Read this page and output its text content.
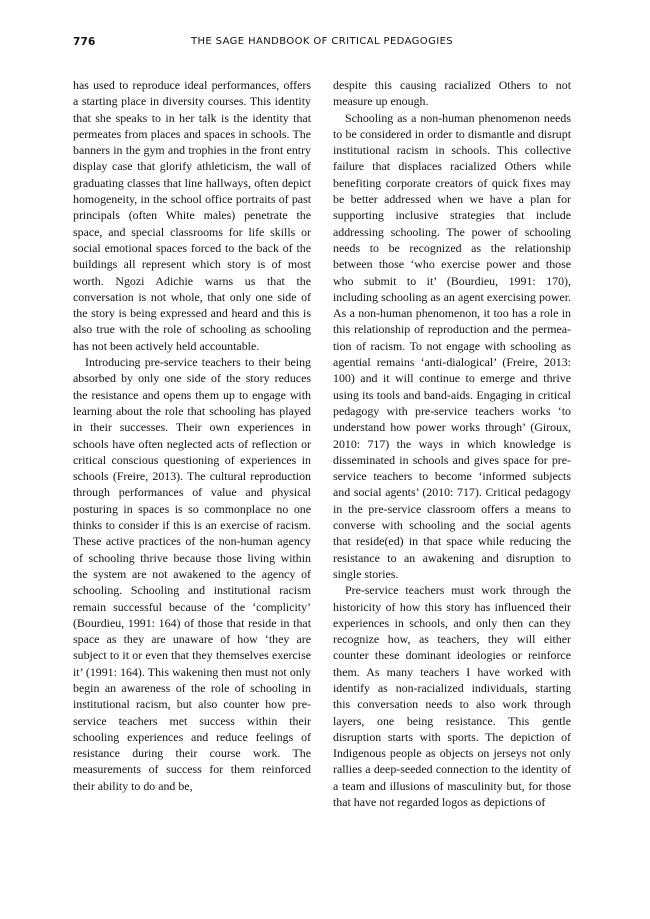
776	THE SAGE HANDBOOK OF CRITICAL PEDAGOGIES

has used to reproduce ideal performances, offers a starting place in diversity courses. This identity that she speaks to in her talk is the identity that permeates from places and spaces in schools. The banners in the gym and trophies in the front entry display case that glorify athleticism, the wall of graduating classes that line hallways, often depict homogeneity, in the school office portraits of past principals (often White males) penetrate the space, and special classrooms for life skills or social emotional spaces forced to the back of the buildings all represent which story is of most worth. Ngozi Adichie warns us that the conversation is not whole, that only one side of the story is being expressed and heard and this is also true with the role of schooling as schooling has not been actively held accountable.

Introducing pre-service teachers to their being absorbed by only one side of the story reduces the resistance and opens them up to engage with learning about the role that schooling has played in their successes. Their own experiences in schools have often neglected acts of reflection or critical conscious questioning of experiences in schools (Freire, 2013). The cultural reproduction through performances of value and physical posturing in spaces is so commonplace no one thinks to consider if this is an exercise of racism. These active practices of the non-human agency of schooling thrive because those living within the system are not awakened to the agency of schooling. Schooling and institutional racism remain successful because of the ‘complicity’ (Bourdieu, 1991: 164) of those that reside in that space as they are unaware of how ‘they are subject to it or even that they themselves exercise it’ (1991: 164). This wakening then must not only begin an awareness of the role of schooling in institutional racism, but also counter how pre-service teachers met success within their schooling experiences and reduce feelings of resistance during their course work. The measurements of success for them reinforced their ability to do and be,

despite this causing racialized Others to not measure up enough.

Schooling as a non-human phenomenon needs to be considered in order to dismantle and disrupt institutional racism in schools. This collective failure that displaces racialized Others while benefiting corporate creators of quick fixes may be better addressed when we have a plan for supporting inclusive strategies that include addressing schooling. The power of schooling needs to be recognized as the relationship between those ‘who exercise power and those who submit to it’ (Bourdieu, 1991: 170), including schooling as an agent exercising power. As a non-human phenomenon, it too has a role in this relationship of reproduction and the permeation of racism. To not engage with schooling as agential remains ‘anti-dialogical’ (Freire, 2013: 100) and it will continue to emerge and thrive using its tools and band-aids. Engaging in critical pedagogy with pre-service teachers works ‘to understand how power works through’ (Giroux, 2010: 717) the ways in which knowledge is disseminated in schools and gives space for pre-service teachers to become ‘informed subjects and social agents’ (2010: 717). Critical pedagogy in the pre-service classroom offers a means to converse with schooling and the social agents that reside(ed) in that space while reducing the resistance to an awakening and disruption to single stories.

Pre-service teachers must work through the historicity of how this story has influenced their experiences in schools, and only then can they recognize how, as teachers, they will either counter these dominant ideologies or reinforce them. As many teachers I have worked with identify as non-racialized individuals, starting this conversation needs to also work through layers, one being resistance. This gentle disruption starts with sports. The depiction of Indigenous people as objects on jerseys not only rallies a deep-seeded connection to the identity of a team and illusions of masculinity but, for those that have not regarded logos as depictions of
